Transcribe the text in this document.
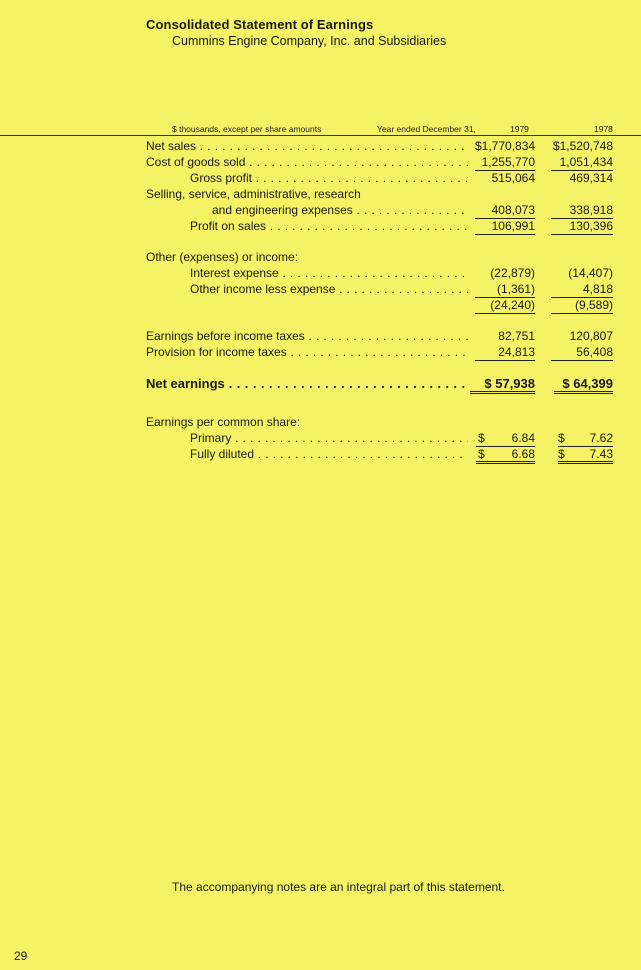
Consolidated Statement of Earnings
Cummins Engine Company, Inc. and Subsidiaries
$ thousands, except per share amounts	Year ended December 31,	1979	1978
Net sales . . .	$1,770,834 $1,520,748
Cost of goods sold . . .	1,255,770	1,051,434
Gross profit . . .	515,064	469,314
Selling, service, administrative, research
and engineering expenses . . .	408,073	338,918
Profit on sales . . .	106,991	130,396
Other (expenses) or income:
Interest expense . . .	(22,879)	(14,407)
Other income less expense . . .	(1,361)	4,818
(24,240)	(9,589)
Earnings before income taxes . . .	82,751	120,807
Provision for income taxes . . .	24,813	56,408
Net earnings . . .	$ 57,938	$ 64,399
Earnings per common share:
Primary . . .	$	6.84 $	7.62
Fully diluted . . .	$	6.68 $	7.43
The accompanying notes are an integral part of this statement.
29
